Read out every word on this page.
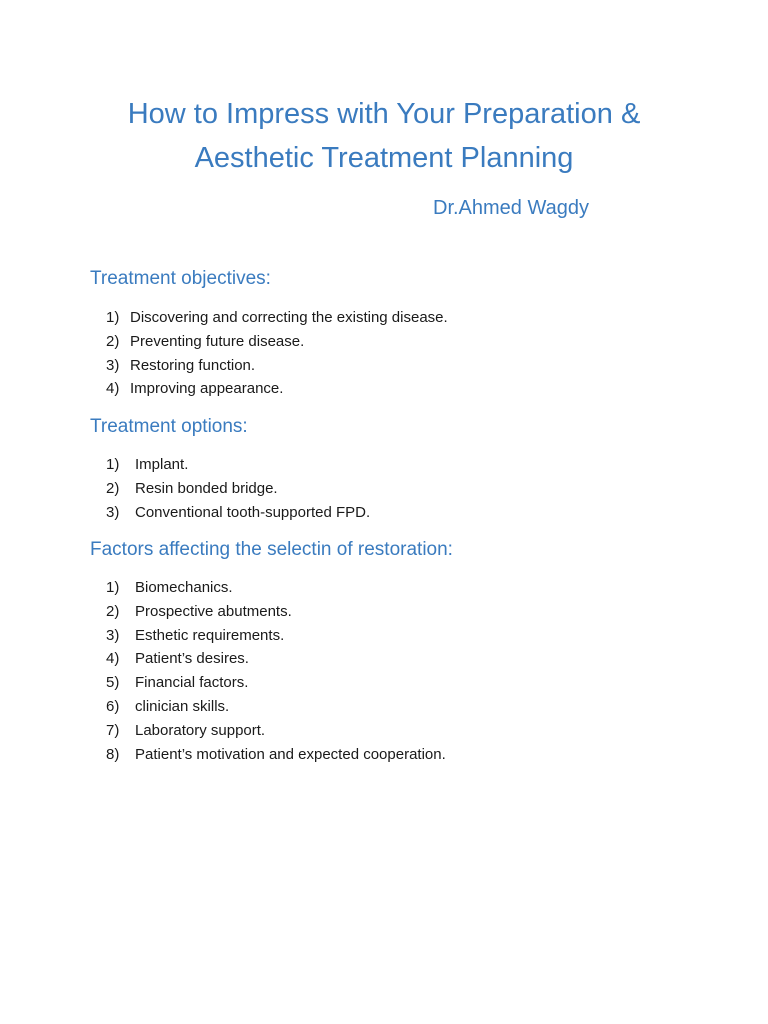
How to Impress with Your Preparation &
Aesthetic Treatment Planning

Dr.Ahmed Wagdy

Treatment objectives:
1) Discovering and correcting the existing disease.
2) Preventing future disease.
3) Restoring function.
4) Improving appearance.
Treatment options:
1)	Implant.
2)	Resin bonded bridge.
3)	Conventional tooth-supported FPD.
Factors affecting the selectin of restoration:
1)	Biomechanics.
2)	Prospective abutments.
3)	Esthetic requirements.
4)	Patient’s desires.
5)	Financial factors.
6)	clinician skills.
7)	Laboratory support.
8)	Patient’s motivation and expected cooperation.
